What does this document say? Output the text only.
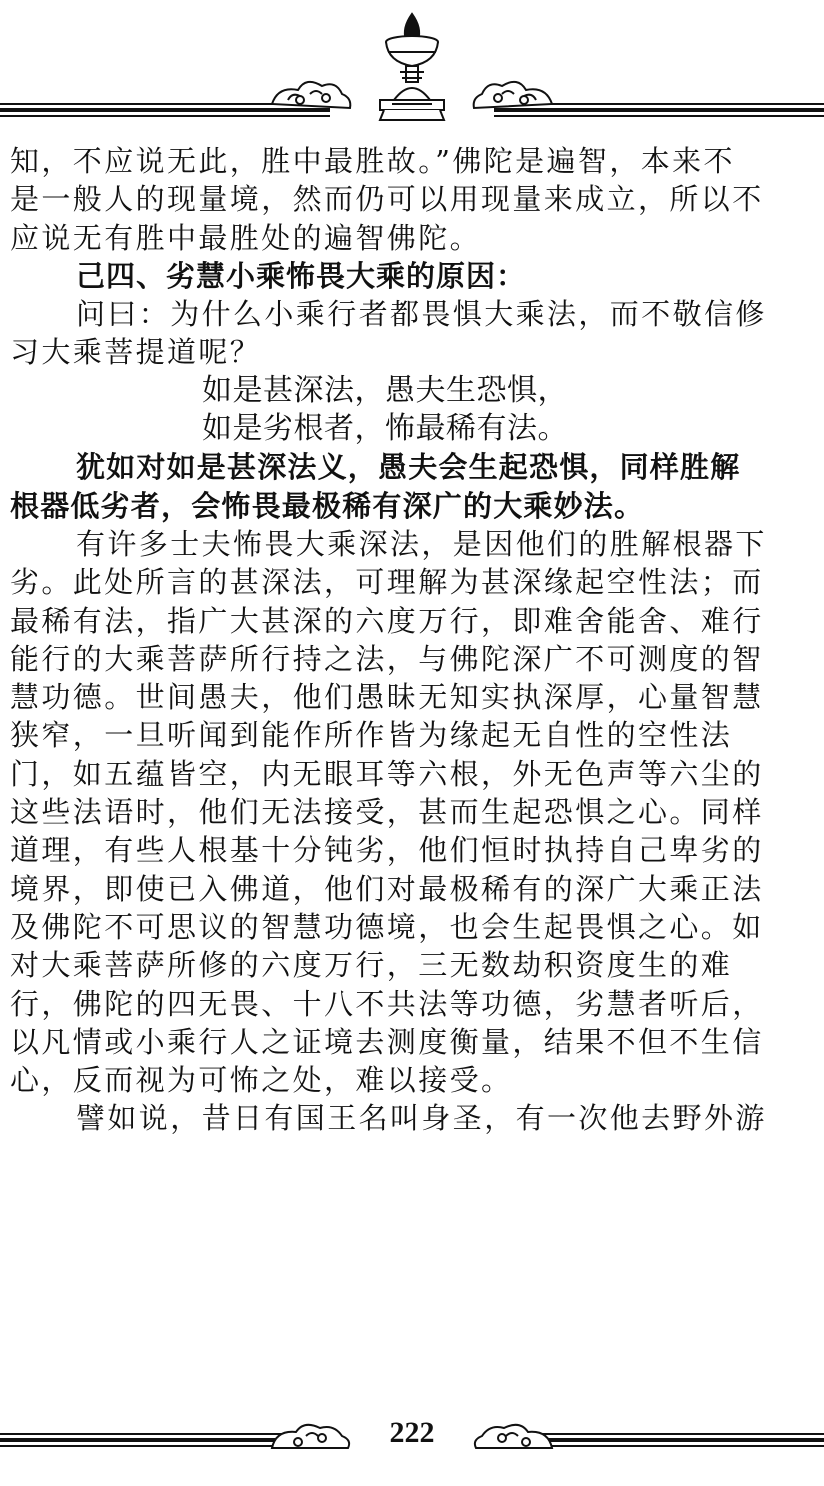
知，不应说无此，胜中最胜故。”佛陀是遍智，本来不
是一般人的现量境，然而仍可以用现量来成立，所以不
应说无有胜中最胜处的遍智佛陀。
己四、劣慧小乘怖畏大乘的原因：
问曰：为什么小乘行者都畏惧大乘法，而不敬信修
习大乘菩提道呢？
如是甚深法，愚夫生恐惧，
如是劣根者，怖最稀有法。
犹如对如是甚深法义，愚夫会生起恐惧，同样胜解
根器低劣者，会怖畏最极稀有深广的大乘妙法。
有许多士夫怖畏大乘深法，是因他们的胜解根器下
劣。此处所言的甚深法，可理解为甚深缘起空性法；而
最稀有法，指广大甚深的六度万行，即难舍能舍、难行
能行的大乘菩萨所行持之法，与佛陀深广不可测度的智
慧功德。世间愚夫，他们愚昧无知实执深厚，心量智慧
狭窄，一旦听闻到能作所作皆为缘起无自性的空性法
门，如五蕴皆空，内无眼耳等六根，外无色声等六尘的
这些法语时，他们无法接受，甚而生起恐惧之心。同样
道理，有些人根基十分钝劣，他们恒时执持自己卑劣的
境界，即使已入佛道，他们对最极稀有的深广大乘正法
及佛陀不可思议的智慧功德境，也会生起畏惧之心。如
对大乘菩萨所修的六度万行，三无数劫积资度生的难
行，佛陀的四无畏、十八不共法等功德，劣慧者听后，
以凡情或小乘行人之证境去测度衡量，结果不但不生信
心，反而视为可怖之处，难以接受。
譬如说，昔日有国王名叫身圣，有一次他去野外游
222
